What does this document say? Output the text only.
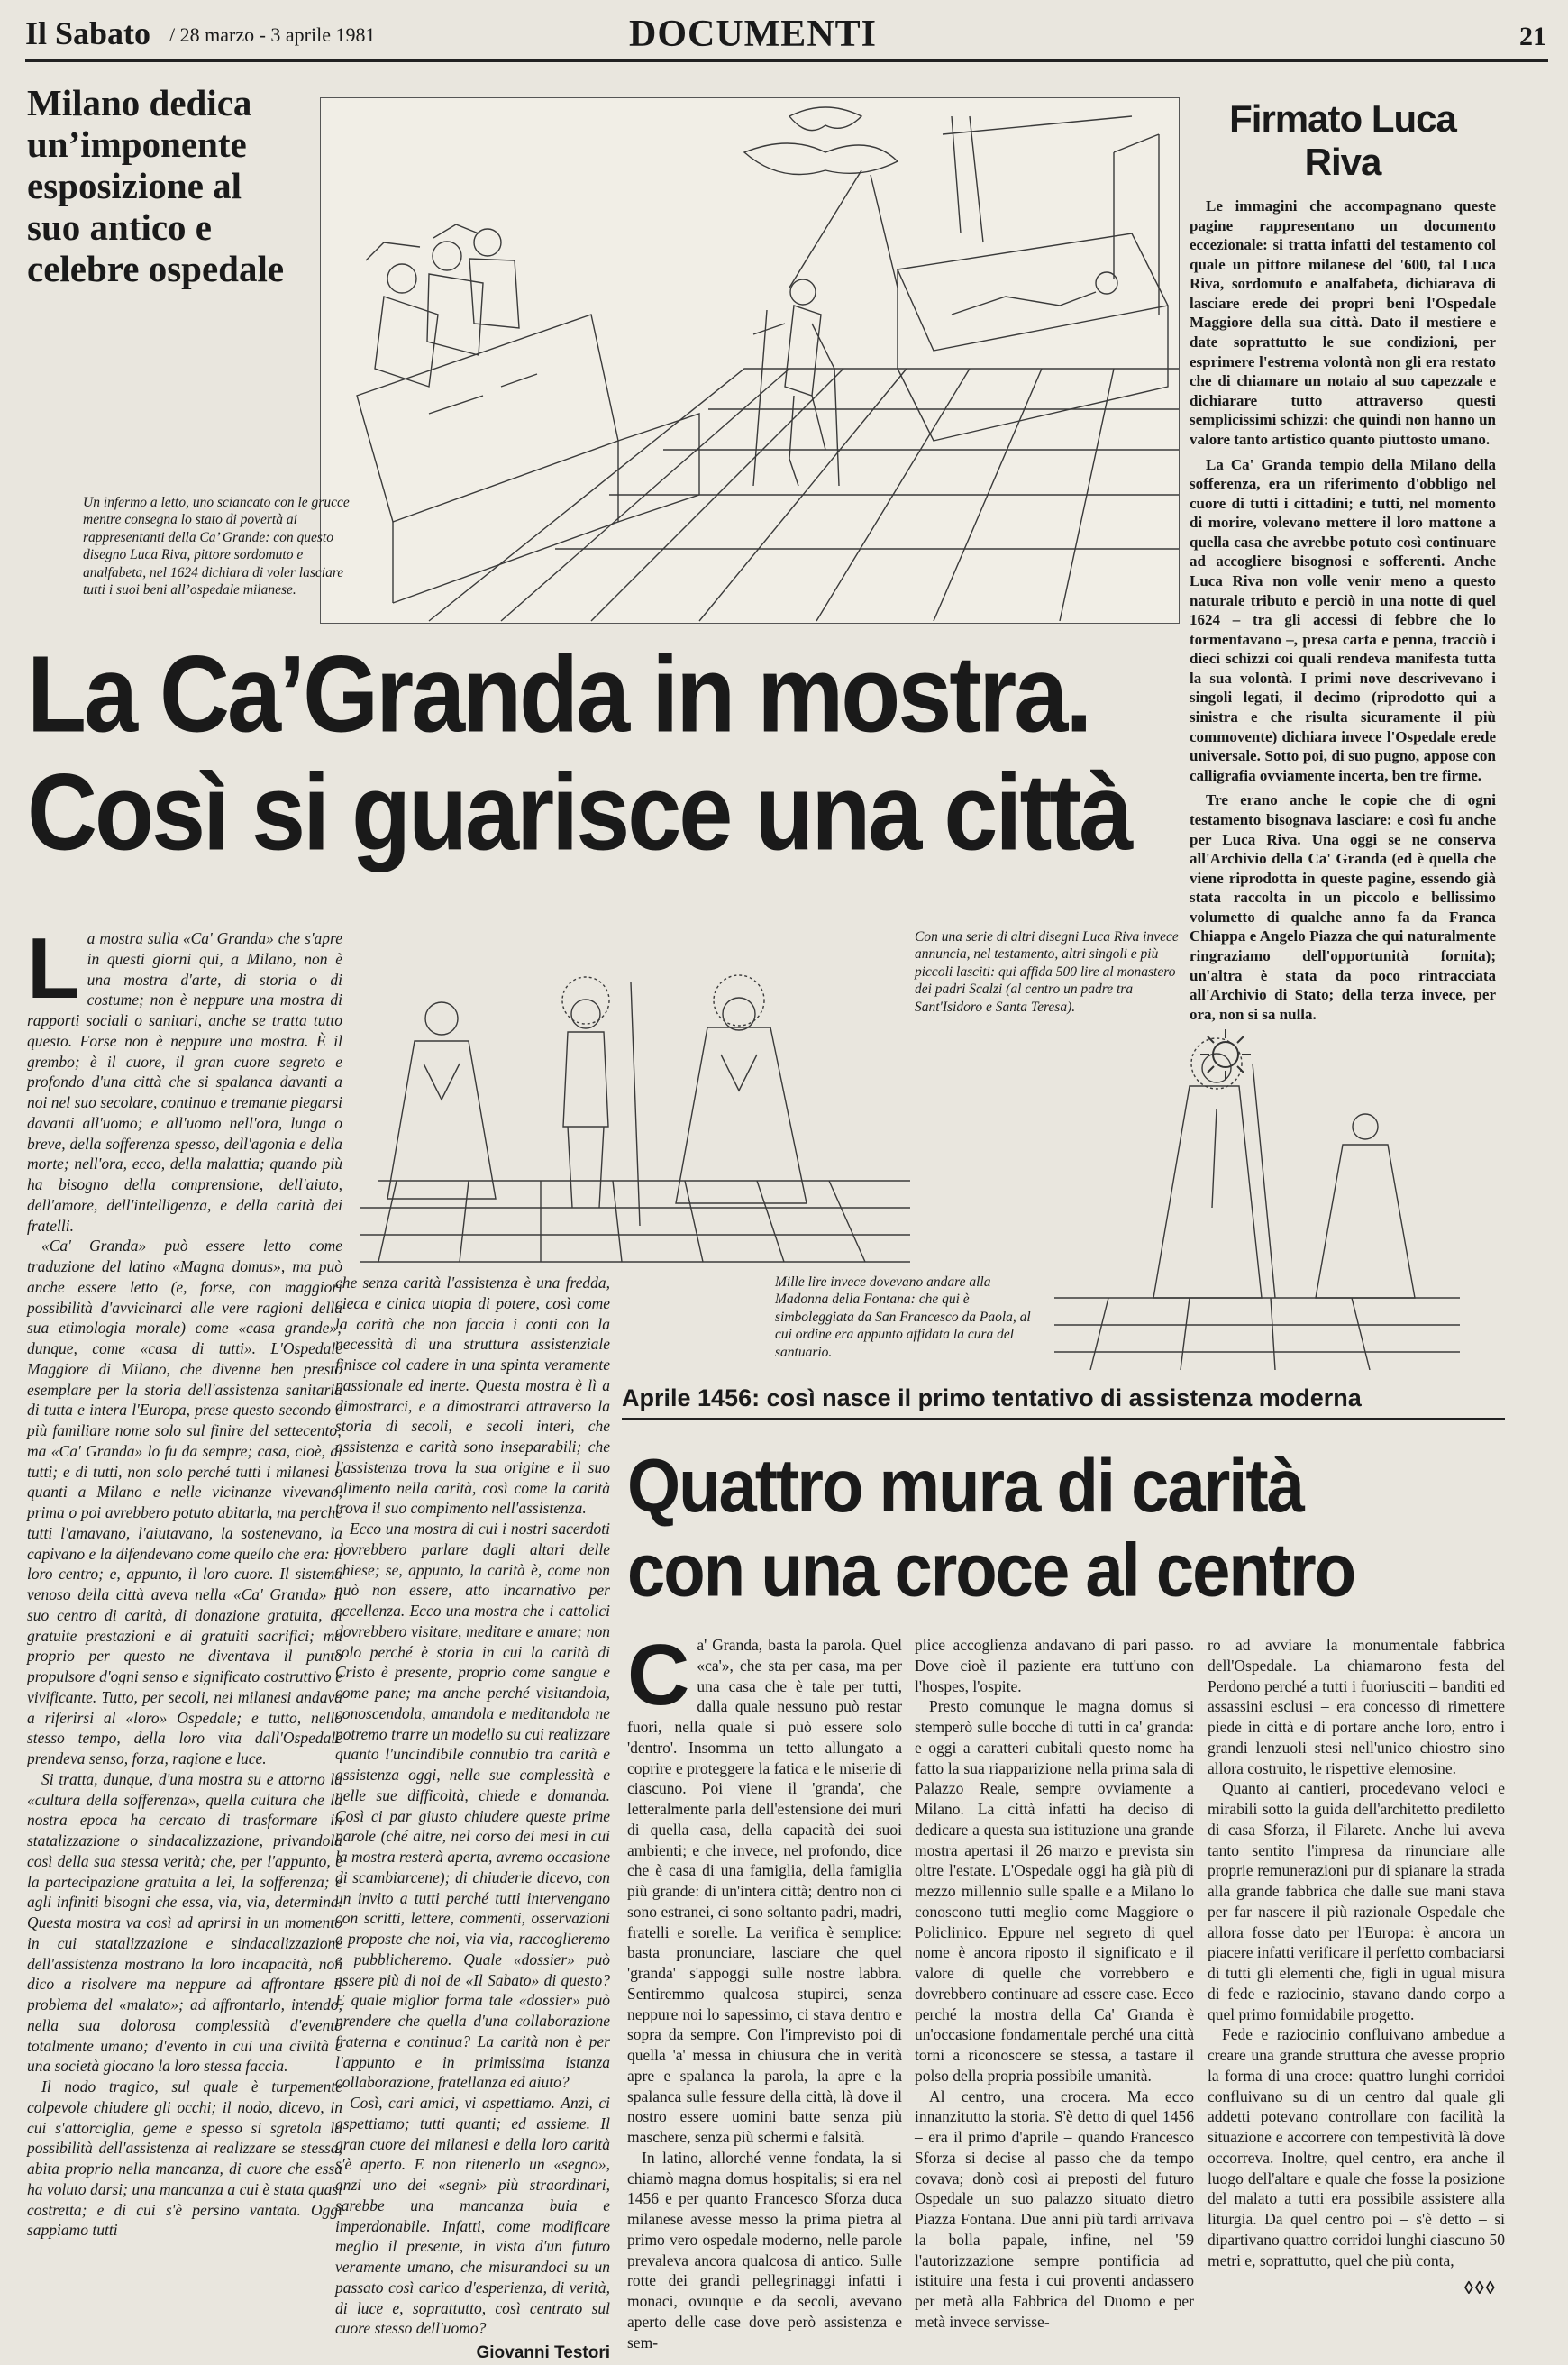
Il Sabato / 28 marzo - 3 aprile 1981	DOCUMENTI	21
Milano dedica un’imponente esposizione al suo antico e celebre ospedale
Un infermo a letto, uno sciancato con le grucce mentre consegna lo stato di povertà ai rappresentanti della Ca’ Grande: con questo disegno Luca Riva, pittore sordomuto e analfabeta, nel 1624 dichiara di voler lasciare tutti i suoi beni all’ospedale milanese.
Firmato Luca Riva

Le immagini che accompagnano queste pagine rappresentano un documento eccezionale: si tratta infatti del testamento col quale un pittore milanese del '600, tal Luca Riva, sordomuto e analfabeta, dichiarava di lasciare erede dei propri beni l'Ospedale Maggiore della sua città. Dato il mestiere e date soprattutto le sue condizioni, per esprimere l'estrema volontà non gli era restato che di chiamare un notaio al suo capezzale e dichiarare tutto attraverso questi semplicissimi schizzi: che quindi non hanno un valore tanto artistico quanto piuttosto umano.

La Ca' Granda tempio della Milano della sofferenza, era un riferimento d'obbligo nel cuore di tutti i cittadini; e tutti, nel momento di morire, volevano mettere il loro mattone a quella casa che avrebbe potuto così continuare ad accogliere bisognosi e sofferenti. Anche Luca Riva non volle venir meno a questo naturale tributo e perciò in una notte di quel 1624 – tra gli accessi di febbre che lo tormentavano –, presa carta e penna, tracciò i dieci schizzi coi quali rendeva manifesta tutta la sua volontà. I primi nove descrivevano i singoli legati, il decimo (riprodotto qui a sinistra e che risulta sicuramente il più commovente) dichiara invece l'Ospedale erede universale. Sotto poi, di suo pugno, appose con calligrafia ovviamente incerta, ben tre firme.

Tre erano anche le copie che di ogni testamento bisognava lasciare: e così fu anche per Luca Riva. Una oggi se ne conserva all'Archivio della Ca' Granda (ed è quella che viene riprodotta in queste pagine, essendo già stata raccolta in un piccolo e bellissimo volumetto di qualche anno fa da Franca Chiappa e Angelo Piazza che qui naturalmente ringraziamo dell'opportunità fornita); un'altra è stata da poco rintracciata all'Archivio di Stato; della terza invece, per ora, non si sa nulla.

La Ca’Granda in mostra.
Così si guarisce una città
Con una serie di altri disegni Luca Riva invece annuncia, nel testamento, altri singoli e più piccoli lasciti: qui affida 500 lire al monastero dei padri Scalzi (al centro un padre tra Sant'Isidoro e Santa Teresa).
Mille lire invece dovevano andare alla Madonna della Fontana: che qui è simboleggiata da San Francesco da Paola, al cui ordine era appunto affidata la cura del santuario.
L a mostra sulla «Ca' Granda» che s'apre in questi giorni qui, a Milano, non è una mostra d'arte, di storia o di costume; non è neppure una mostra di rapporti sociali o sanitari, anche se tratta tutto questo. Forse non è neppure una mostra. È il grembo; è il cuore, il gran cuore segreto e profondo d'una città che si spalanca davanti a noi nel suo secolare, continuo e tremante piegarsi davanti all'uomo; e all'uomo nell'ora, lunga o breve, della sofferenza spesso, dell'agonia e della morte; nell'ora, ecco, della malattia; quando più ha bisogno della comprensione, dell'aiuto, dell'amore, dell'intelligenza, e della carità dei fratelli.

«Ca' Granda» può essere letto come traduzione del latino «Magna domus», ma può anche essere letto (e, forse, con maggiori possibilità d'avvicinarci alle vere ragioni della sua etimologia morale) come «casa grande»; dunque, come «casa di tutti». L'Ospedale Maggiore di Milano, che divenne ben presto esemplare per la storia dell'assistenza sanitaria di tutta e intera l'Europa, prese questo secondo e più familiare nome solo sul finire del settecento; ma «Ca' Granda» lo fu da sempre; casa, cioè, di tutti; e di tutti, non solo perché tutti i milanesi o quanti a Milano e nelle vicinanze vivevano, prima o poi avrebbero potuto abitarla, ma perché tutti l'amavano, l'aiutavano, la sostenevano, la capivano e la difendevano come quello che era: il loro centro; e, appunto, il loro cuore. Il sistema venoso della città aveva nella «Ca' Granda» il suo centro di carità, di donazione gratuita, di gratuite prestazioni e di gratuiti sacrifici; ma proprio per questo ne diventava il punto propulsore d'ogni senso e significato costruttivo e vivificante. Tutto, per secoli, nei milanesi andava a riferirsi al «loro» Ospedale; e tutto, nello stesso tempo, della loro vita dall'Ospedale prendeva senso, forza, ragione e luce.

Si tratta, dunque, d'una mostra su e attorno la «cultura della sofferenza», quella cultura che la nostra epoca ha cercato di trasformare in statalizzazione o sindacalizzazione, privandola così della sua stessa verità; che, per l'appunto, è la partecipazione gratuita a lei, la sofferenza; e agli infiniti bisogni che essa, via, via, determina. Questa mostra va così ad aprirsi in un momento in cui statalizzazione e sindacalizzazione dell'assistenza mostrano la loro incapacità, non dico a risolvere ma neppure ad affrontare il problema del «malato»; ad affrontarlo, intendo, nella sua dolorosa complessità d'evento totalmente umano; d'evento in cui una civiltà e una società giocano la loro stessa faccia.

Il nodo tragico, sul quale è turpemente colpevole chiudere gli occhi; il nodo, dicevo, in cui s'attorciglia, geme e spesso si sgretola la possibilità dell'assistenza ai realizzare se stessa, abita proprio nella mancanza, di cuore che essa ha voluto darsi; una mancanza a cui è stata quasi costretta; e di cui s'è persino vantata. Oggi sappiamo tutti

che senza carità l'assistenza è una fredda, cieca e cinica utopia di potere, così come la carità che non faccia i conti con la necessità di una struttura assistenziale finisce col cadere in una spinta veramente passionale ed inerte. Questa mostra è lì a dimostrarci, e a dimostrarci attraverso la storia di secoli, e secoli interi, che assistenza e carità sono inseparabili; che l'assistenza trova la sua origine e il suo alimento nella carità, così come la carità trova il suo compimento nell'assistenza.

Ecco una mostra di cui i nostri sacerdoti dovrebbero parlare dagli altari delle chiese; se, appunto, la carità è, come non può non essere, atto incarnativo per eccellenza. Ecco una mostra che i cattolici dovrebbero visitare, meditare e amare; non solo perché è storia in cui la carità di Cristo è presente, proprio come sangue e come pane; ma anche perché visitandola, conoscendola, amandola e meditandola ne potremo trarre un modello su cui realizzare quanto l'uncindibile connubio tra carità e assistenza oggi, nelle sue complessità e nelle sue difficoltà, chiede e domanda. Così ci par giusto chiudere queste prime parole (ché altre, nel corso dei mesi in cui la mostra resterà aperta, avremo occasione di scambiarcene); di chiuderle dicevo, con un invito a tutti perché tutti intervengano con scritti, lettere, commenti, osservazioni e proposte che noi, via via, raccoglieremo e pubblicheremo. Quale «dossier» può essere più di noi de «Il Sabato» di questo? E quale miglior forma tale «dossier» può prendere che quella d'una collaborazione fraterna e continua? La carità non è per l'appunto e in primissima istanza collaborazione, fratellanza ed aiuto?

Così, cari amici, vi aspettiamo. Anzi, ci aspettiamo; tutti quanti; ed assieme. Il gran cuore dei milanesi e della loro carità s'è aperto. E non ritenerlo un «segno», anzi uno dei «segni» più straordinari, sarebbe una mancanza buia e imperdonabile. Infatti, come modificare meglio il presente, in vista d'un futuro veramente umano, che misurandoci su un passato così carico d'esperienza, di verità, di luce e, soprattutto, così centrato sul cuore stesso dell'uomo?

Giovanni Testori
Aprile 1456: così nasce il primo tentativo di assistenza moderna
Quattro mura di carità
con una croce al centro
C a' Granda, basta la parola. Quel «ca'», che sta per casa, ma per una casa che è tale per tutti, dalla quale nessuno può restar fuori, nella quale si può essere solo 'dentro'. Insomma un tetto allungato a coprire e proteggere la fatica e le miserie di ciascuno. Poi viene il 'granda', che letteralmente parla dell'estensione dei muri di quella casa, della capacità dei suoi ambienti; e che invece, nel profondo, dice che è casa di una famiglia, della famiglia più grande: di un'intera città; dentro non ci sono estranei, ci sono soltanto padri, madri, fratelli e sorelle. La verifica è semplice: basta pronunciare, lasciare che quel 'granda' s'appoggi sulle nostre labbra. Sentiremmo qualcosa stupirci, senza neppure noi lo sapessimo, ci stava dentro e sopra da sempre. Con l'imprevisto poi di quella 'a' messa in chiusura che in verità apre e spalanca la parola, la apre e la spalanca sulle fessure della città, là dove il nostro essere uomini batte senza più maschere, senza più schermi e falsità.

In latino, allorché venne fondata, la si chiamò magna domus hospitalis; si era nel 1456 e per quanto Francesco Sforza duca milanese avesse messo la prima pietra al primo vero ospedale moderno, nelle parole prevaleva ancora qualcosa di antico. Sulle rotte dei grandi pellegrinaggi infatti i monaci, ovunque e da secoli, avevano aperto delle case dove però assistenza e sem-

plice accoglienza andavano di pari passo. Dove cioè il paziente era tutt'uno con l'hospes, l'ospite.

Presto comunque le magna domus si stemperò sulle bocche di tutti in ca' granda: e oggi a caratteri cubitali questo nome ha fatto la sua riapparizione nella prima sala di Palazzo Reale, sempre ovviamente a Milano. La città infatti ha deciso di dedicare a questa sua istituzione una grande mostra apertasi il 26 marzo e prevista sin oltre l'estate. L'Ospedale oggi ha già più di mezzo millennio sulle spalle e a Milano lo conoscono tutti meglio come Maggiore o Policlinico. Eppure nel segreto di quel nome è ancora riposto il significato e il valore di quelle che vorrebbero e dovrebbero continuare ad essere case. Ecco perché la mostra della Ca' Granda è un'occasione fondamentale perché una città torni a riconoscere se stessa, a tastare il polso della propria possibile umanità.

Al centro, una crocera. Ma ecco innanzitutto la storia. S'è detto di quel 1456 – era il primo d'aprile – quando Francesco Sforza si decise al passo che da tempo covava; donò così ai preposti del futuro Ospedale un suo palazzo situato dietro Piazza Fontana. Due anni più tardi arrivava la bolla papale, infine, nel '59 l'autorizzazione sempre pontificia ad istituire una festa i cui proventi andassero per metà alla Fabbrica del Duomo e per metà invece servisse-

ro ad avviare la monumentale fabbrica dell'Ospedale. La chiamarono festa del Perdono perché a tutti i fuoriusciti – banditi ed assassini esclusi – era concesso di rimettere piede in città e di portare anche loro, entro i grandi lenzuoli stesi nell'unico chiostro sino allora costruito, le rispettive elemosine.

Quanto ai cantieri, procedevano veloci e mirabili sotto la guida dell'architetto prediletto di casa Sforza, il Filarete. Anche lui aveva tanto sentito l'impresa da rinunciare alle proprie remunerazioni pur di spianare la strada alla grande fabbrica che dalle sue mani stava per far nascere il più razionale Ospedale che allora fosse dato per l'Europa: è ancora un piacere infatti verificare il perfetto combaciarsi di tutti gli elementi che, figli in ugual misura di fede e raziocinio, stavano dando corpo a quel primo formidabile progetto.

Fede e raziocinio confluivano ambedue a creare una grande struttura che avesse proprio la forma di una croce: quattro lunghi corridoi confluivano su di un centro dal quale gli addetti potevano controllare con facilità la situazione e accorrere con tempestività là dove occorreva. Inoltre, quel centro, era anche il luogo dell'altare e quale che fosse la posizione del malato a tutti era possibile assistere alla liturgia. Da quel centro poi – s'è detto – si dipartivano quattro corridoi lunghi ciascuno 50 metri e, soprattutto, quel che più conta,

◊◊◊
